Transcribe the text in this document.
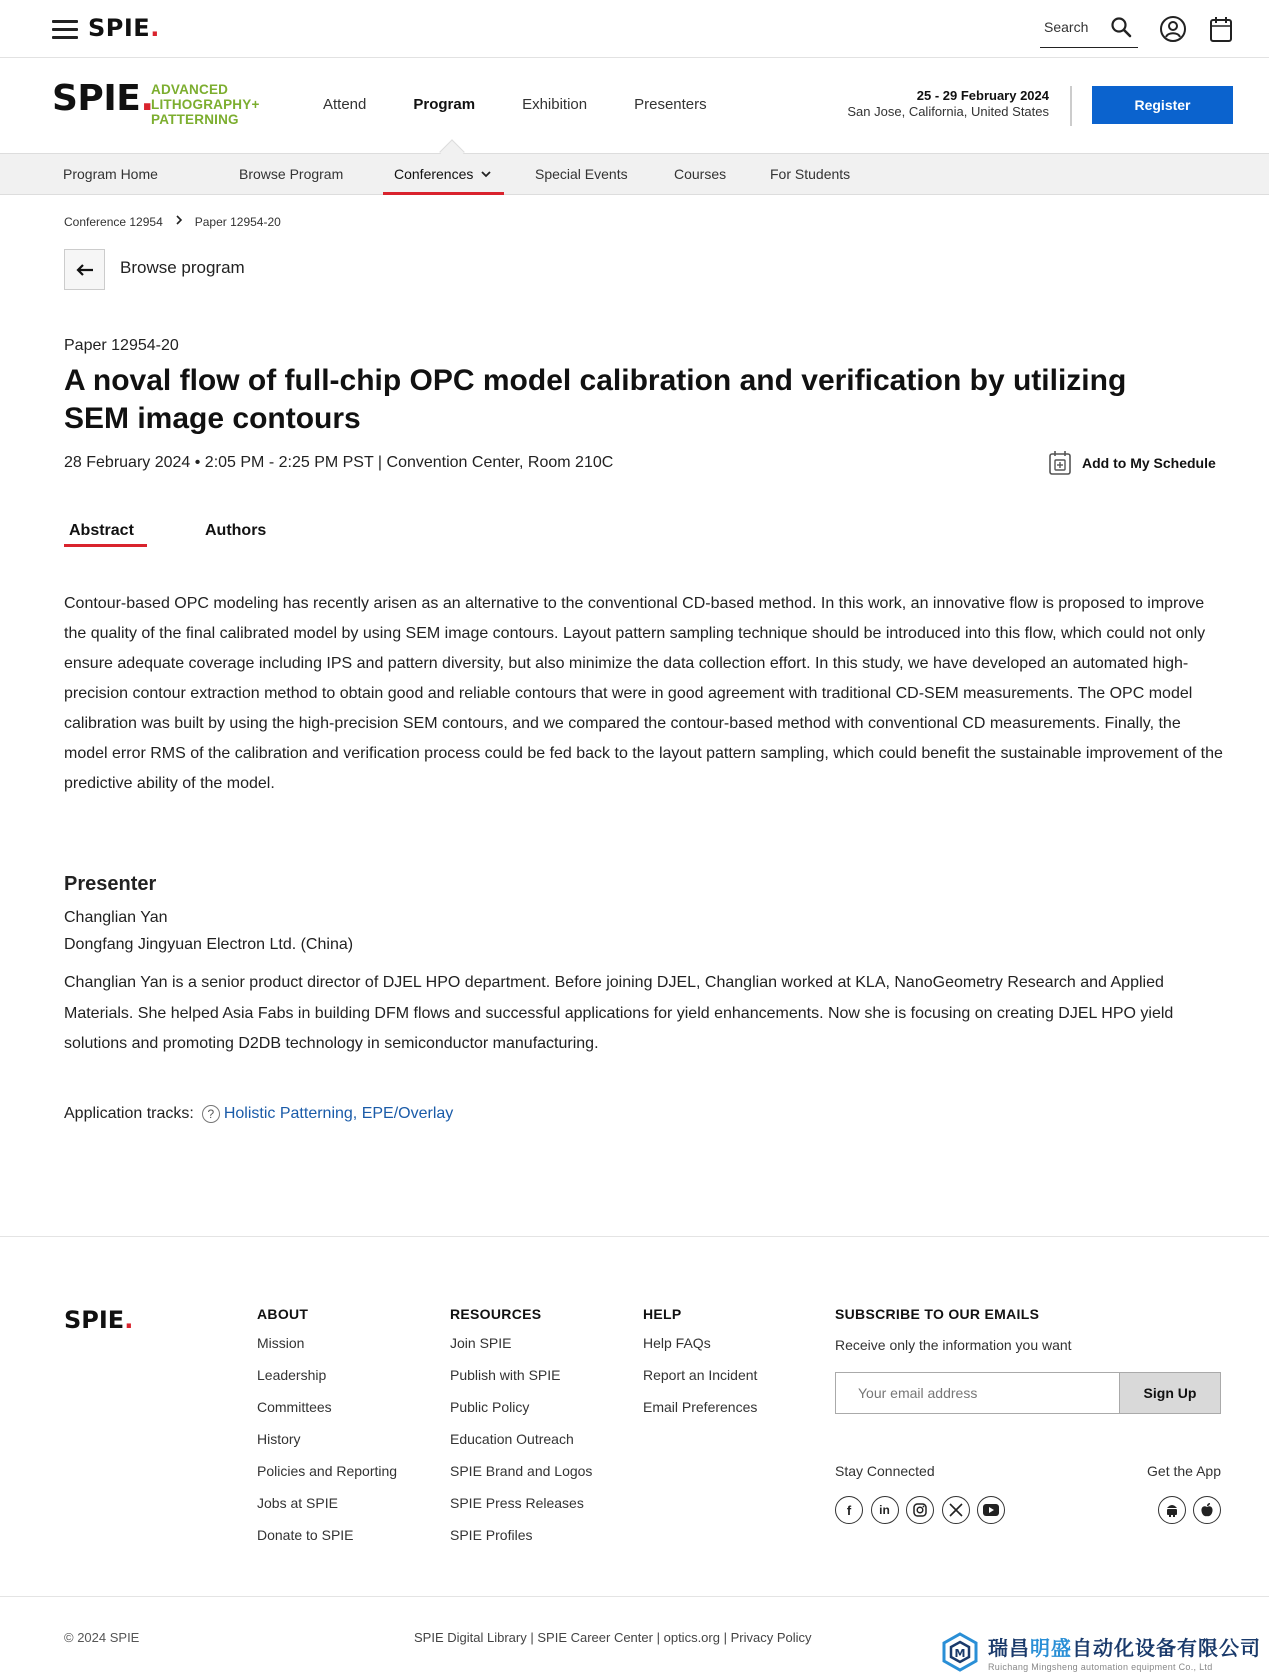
SPIE.	Search
SPIE.
ADVANCED
LITHOGRAPHY+
PATTERNING
Attend	Program	Exhibition	Presenters
25 - 29 February 2024
San Jose, California, United States	Register
Program Home	Browse Program	Conferences	Special Events	Courses	For Students
Conference 12954	Paper 12954-20
Browse program
Paper 12954-20
A noval flow of full-chip OPC model calibration and verification by utilizing SEM image contours
28 February 2024 • 2:05 PM - 2:25 PM PST | Convention Center, Room 210C	Add to My Schedule
Abstract	Authors

Contour-based OPC modeling has recently arisen as an alternative to the conventional CD-based method. In this work, an innovative flow is proposed to improve the quality of the final calibrated model by using SEM image contours. Layout pattern sampling technique should be introduced into this flow, which could not only ensure adequate coverage including IPS and pattern diversity, but also minimize the data collection effort. In this study, we have developed an automated high-precision contour extraction method to obtain good and reliable contours that were in good agreement with traditional CD-SEM measurements. The OPC model calibration was built by using the high-precision SEM contours, and we compared the contour-based method with conventional CD measurements. Finally, the model error RMS of the calibration and verification process could be fed back to the layout pattern sampling, which could benefit the sustainable improvement of the predictive ability of the model.

Presenter
Changlian Yan
Dongfang Jingyuan Electron Ltd. (China)

Changlian Yan is a senior product director of DJEL HPO department. Before joining DJEL, Changlian worked at KLA, NanoGeometry Research and Applied Materials. She helped Asia Fabs in building DFM flows and successful applications for yield enhancements. Now she is focusing on creating DJEL HPO yield solutions and promoting D2DB technology in semiconductor manufacturing.

Application tracks:	? Holistic Patterning ,
EPE/Overlay
SPIE.	ABOUT
Mission
Leadership
Committees
History
Policies and Reporting
Jobs at SPIE
Donate to SPIE
RESOURCES
Join SPIE
Publish with SPIE
Public Policy
Education Outreach
SPIE Brand and Logos
SPIE Press Releases
SPIE Profiles
HELP
Help FAQs
Report an Incident
Email Preferences
SUBSCRIBE TO OUR EMAILS
Receive only the information you want
Your email address	Sign Up
Stay Connected	Get the App
f	in
© 2024 SPIE	SPIE Digital Library | SPIE Career Center | optics.org | Privacy Policy
M 瑞昌明盛自动化设备有限公司
Ruichang Mingsheng automation equipment Co., Ltd
